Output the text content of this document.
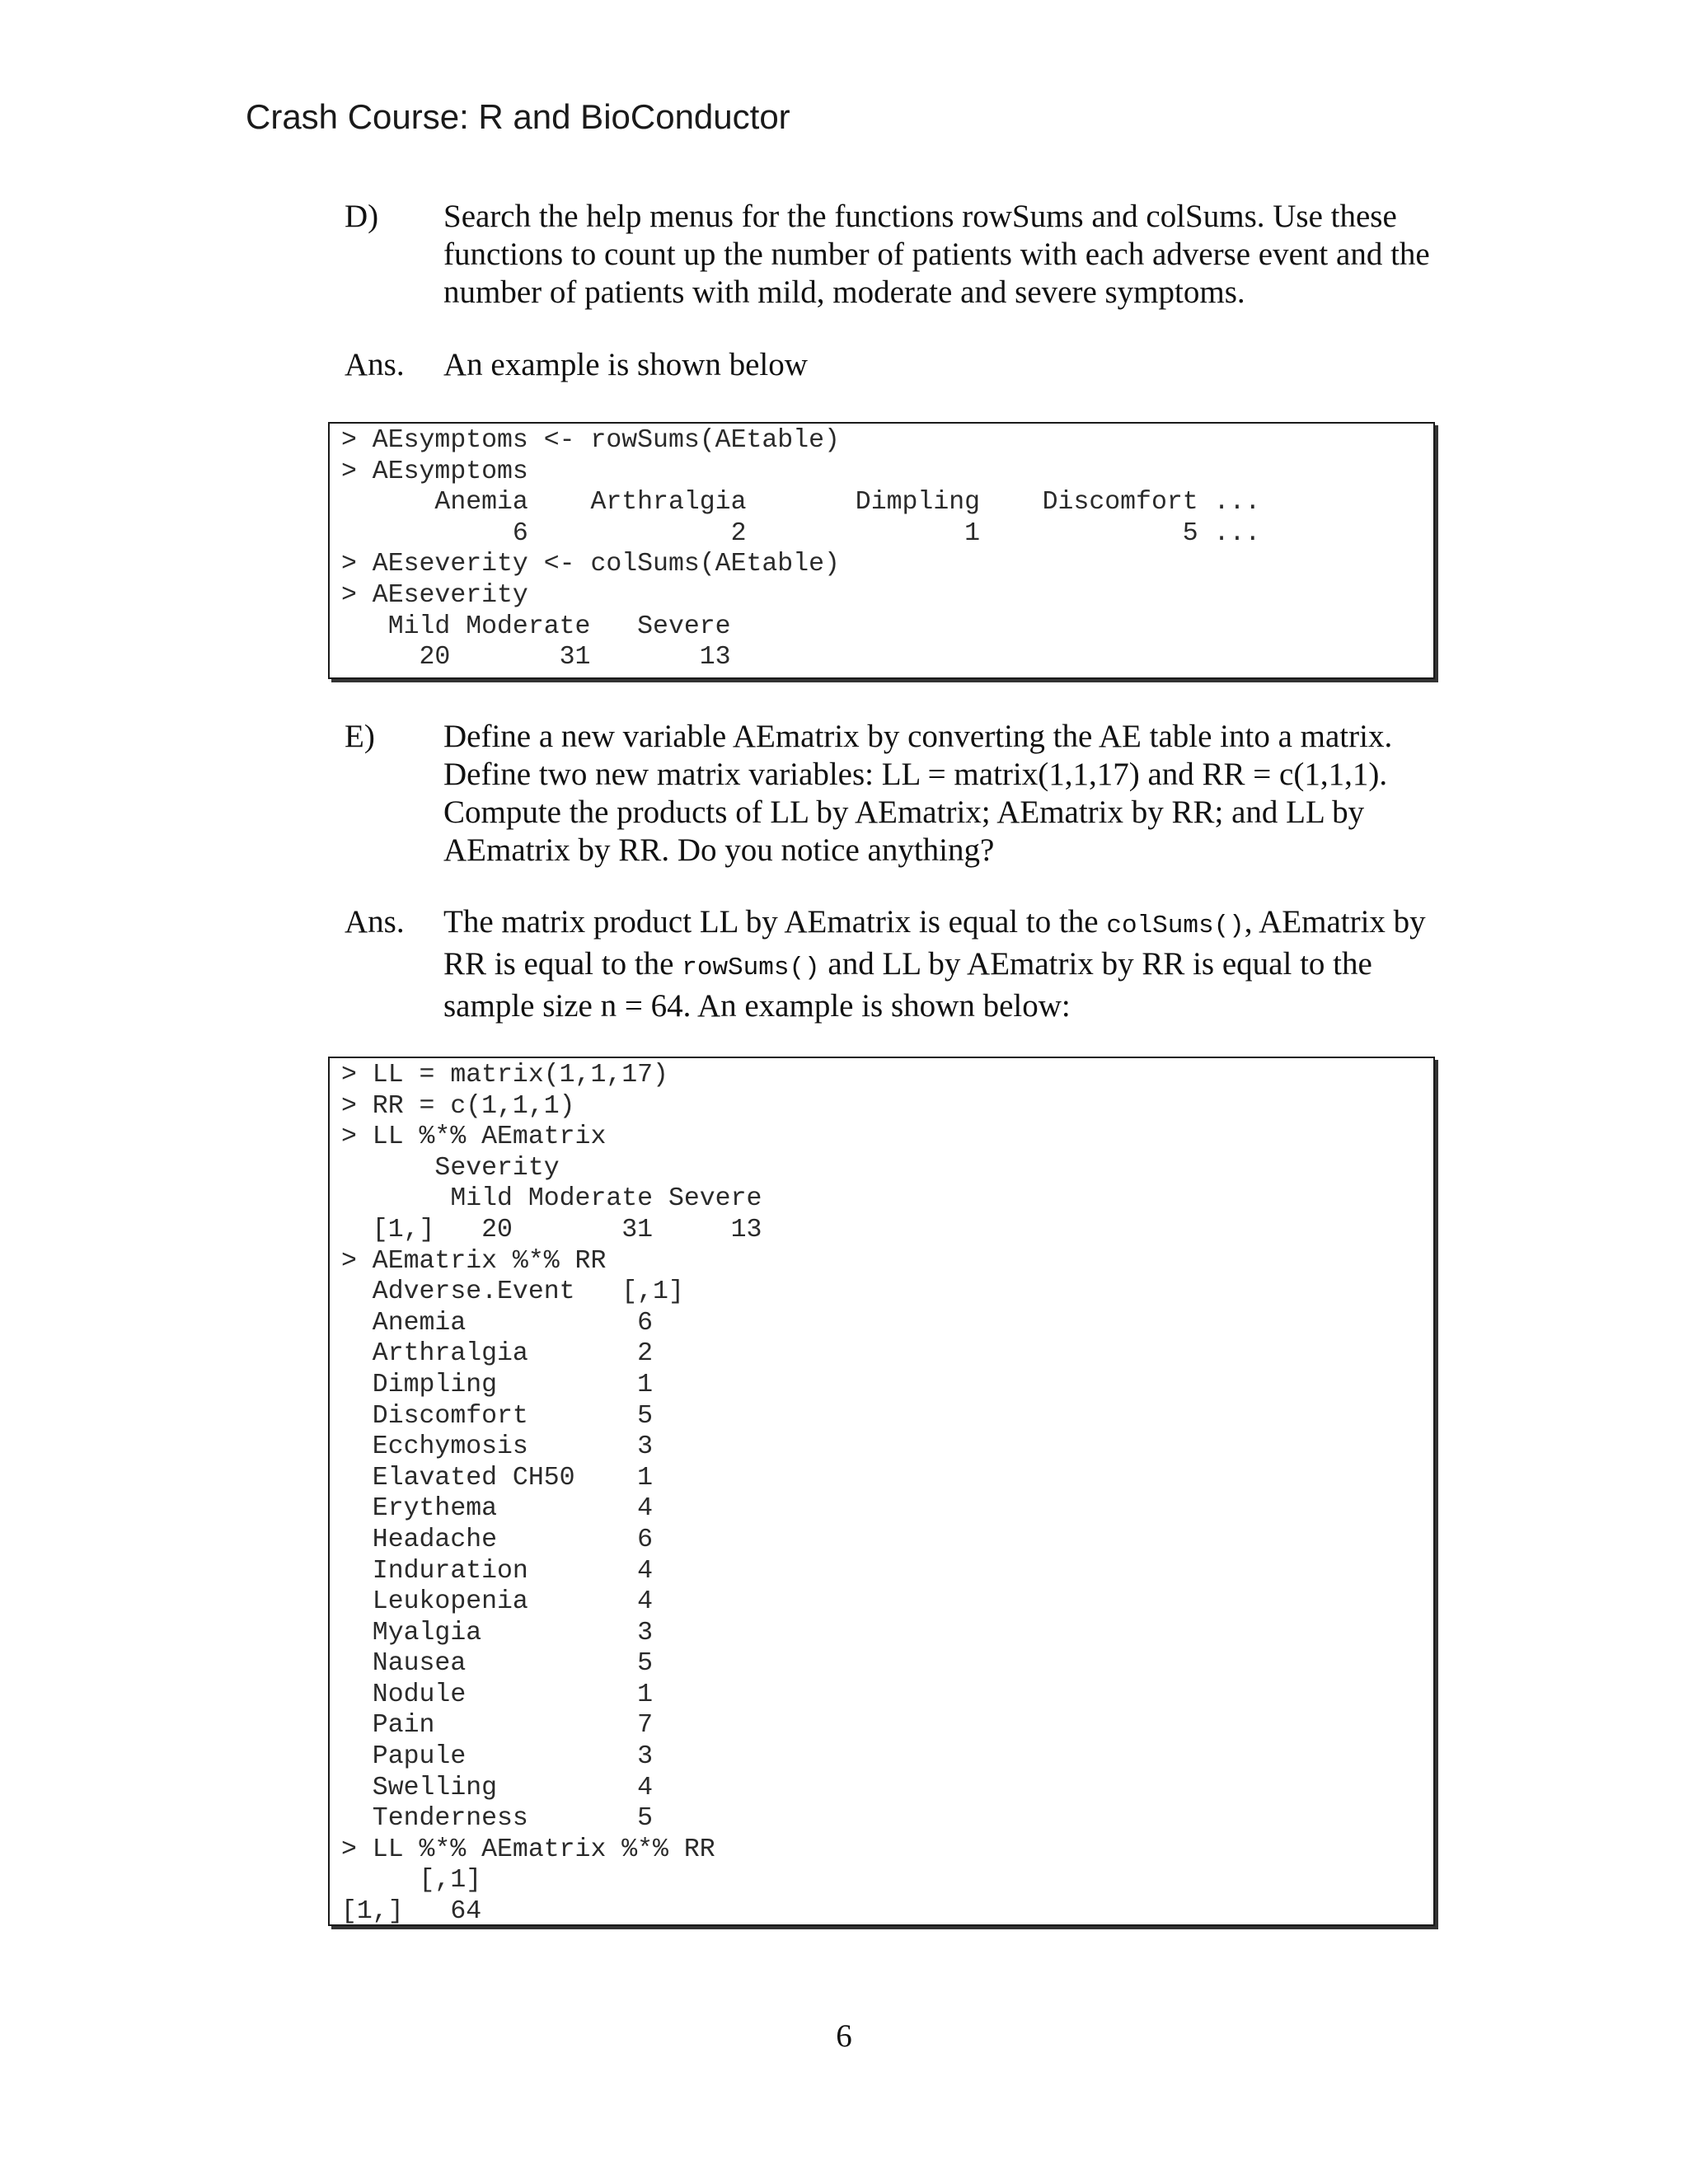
Crash Course: R and BioConductor
D) Search the help menus for the functions rowSums and colSums. Use these functions to count up the number of patients with each adverse event and the number of patients with mild, moderate and severe symptoms.
Ans. An example is shown below
> AEsymptoms <- rowSums(AEtable)
> AEsymptoms
Anemia    Arthralgia       Dimpling    Discomfort ...
6             2              1             5 ...
> AEseverity <- colSums(AEtable)
> AEseverity
Mild Moderate   Severe
20       31       13
E) Define a new variable AEmatrix by converting the AE table into a matrix. Define two new matrix variables: LL = matrix(1,1,17) and RR = c(1,1,1). Compute the products of LL by AEmatrix; AEmatrix by RR; and LL by AEmatrix by RR. Do you notice anything?
Ans. The matrix product LL by AEmatrix is equal to the colSums(), AEmatrix by RR is equal to the rowSums() and LL by AEmatrix by RR is equal to the sample size n = 64. An example is shown below:
> LL = matrix(1,1,17)
> RR = c(1,1,1)
> LL %*% AEmatrix
Severity
Mild Moderate Severe
[1,]   20       31     13
> AEmatrix %*% RR
Adverse.Event   [,1]
Anemia           6
Arthralgia       2
Dimpling         1
Discomfort       5
Ecchymosis       3
Elavated CH50    1
Erythema         4
Headache         6
Induration       4
Leukopenia       4
Myalgia          3
Nausea           5
Nodule           1
Pain             7
Papule           3
Swelling         4
Tenderness       5
> LL %*% AEmatrix %*% RR
[,1]
[1,]   64

6
